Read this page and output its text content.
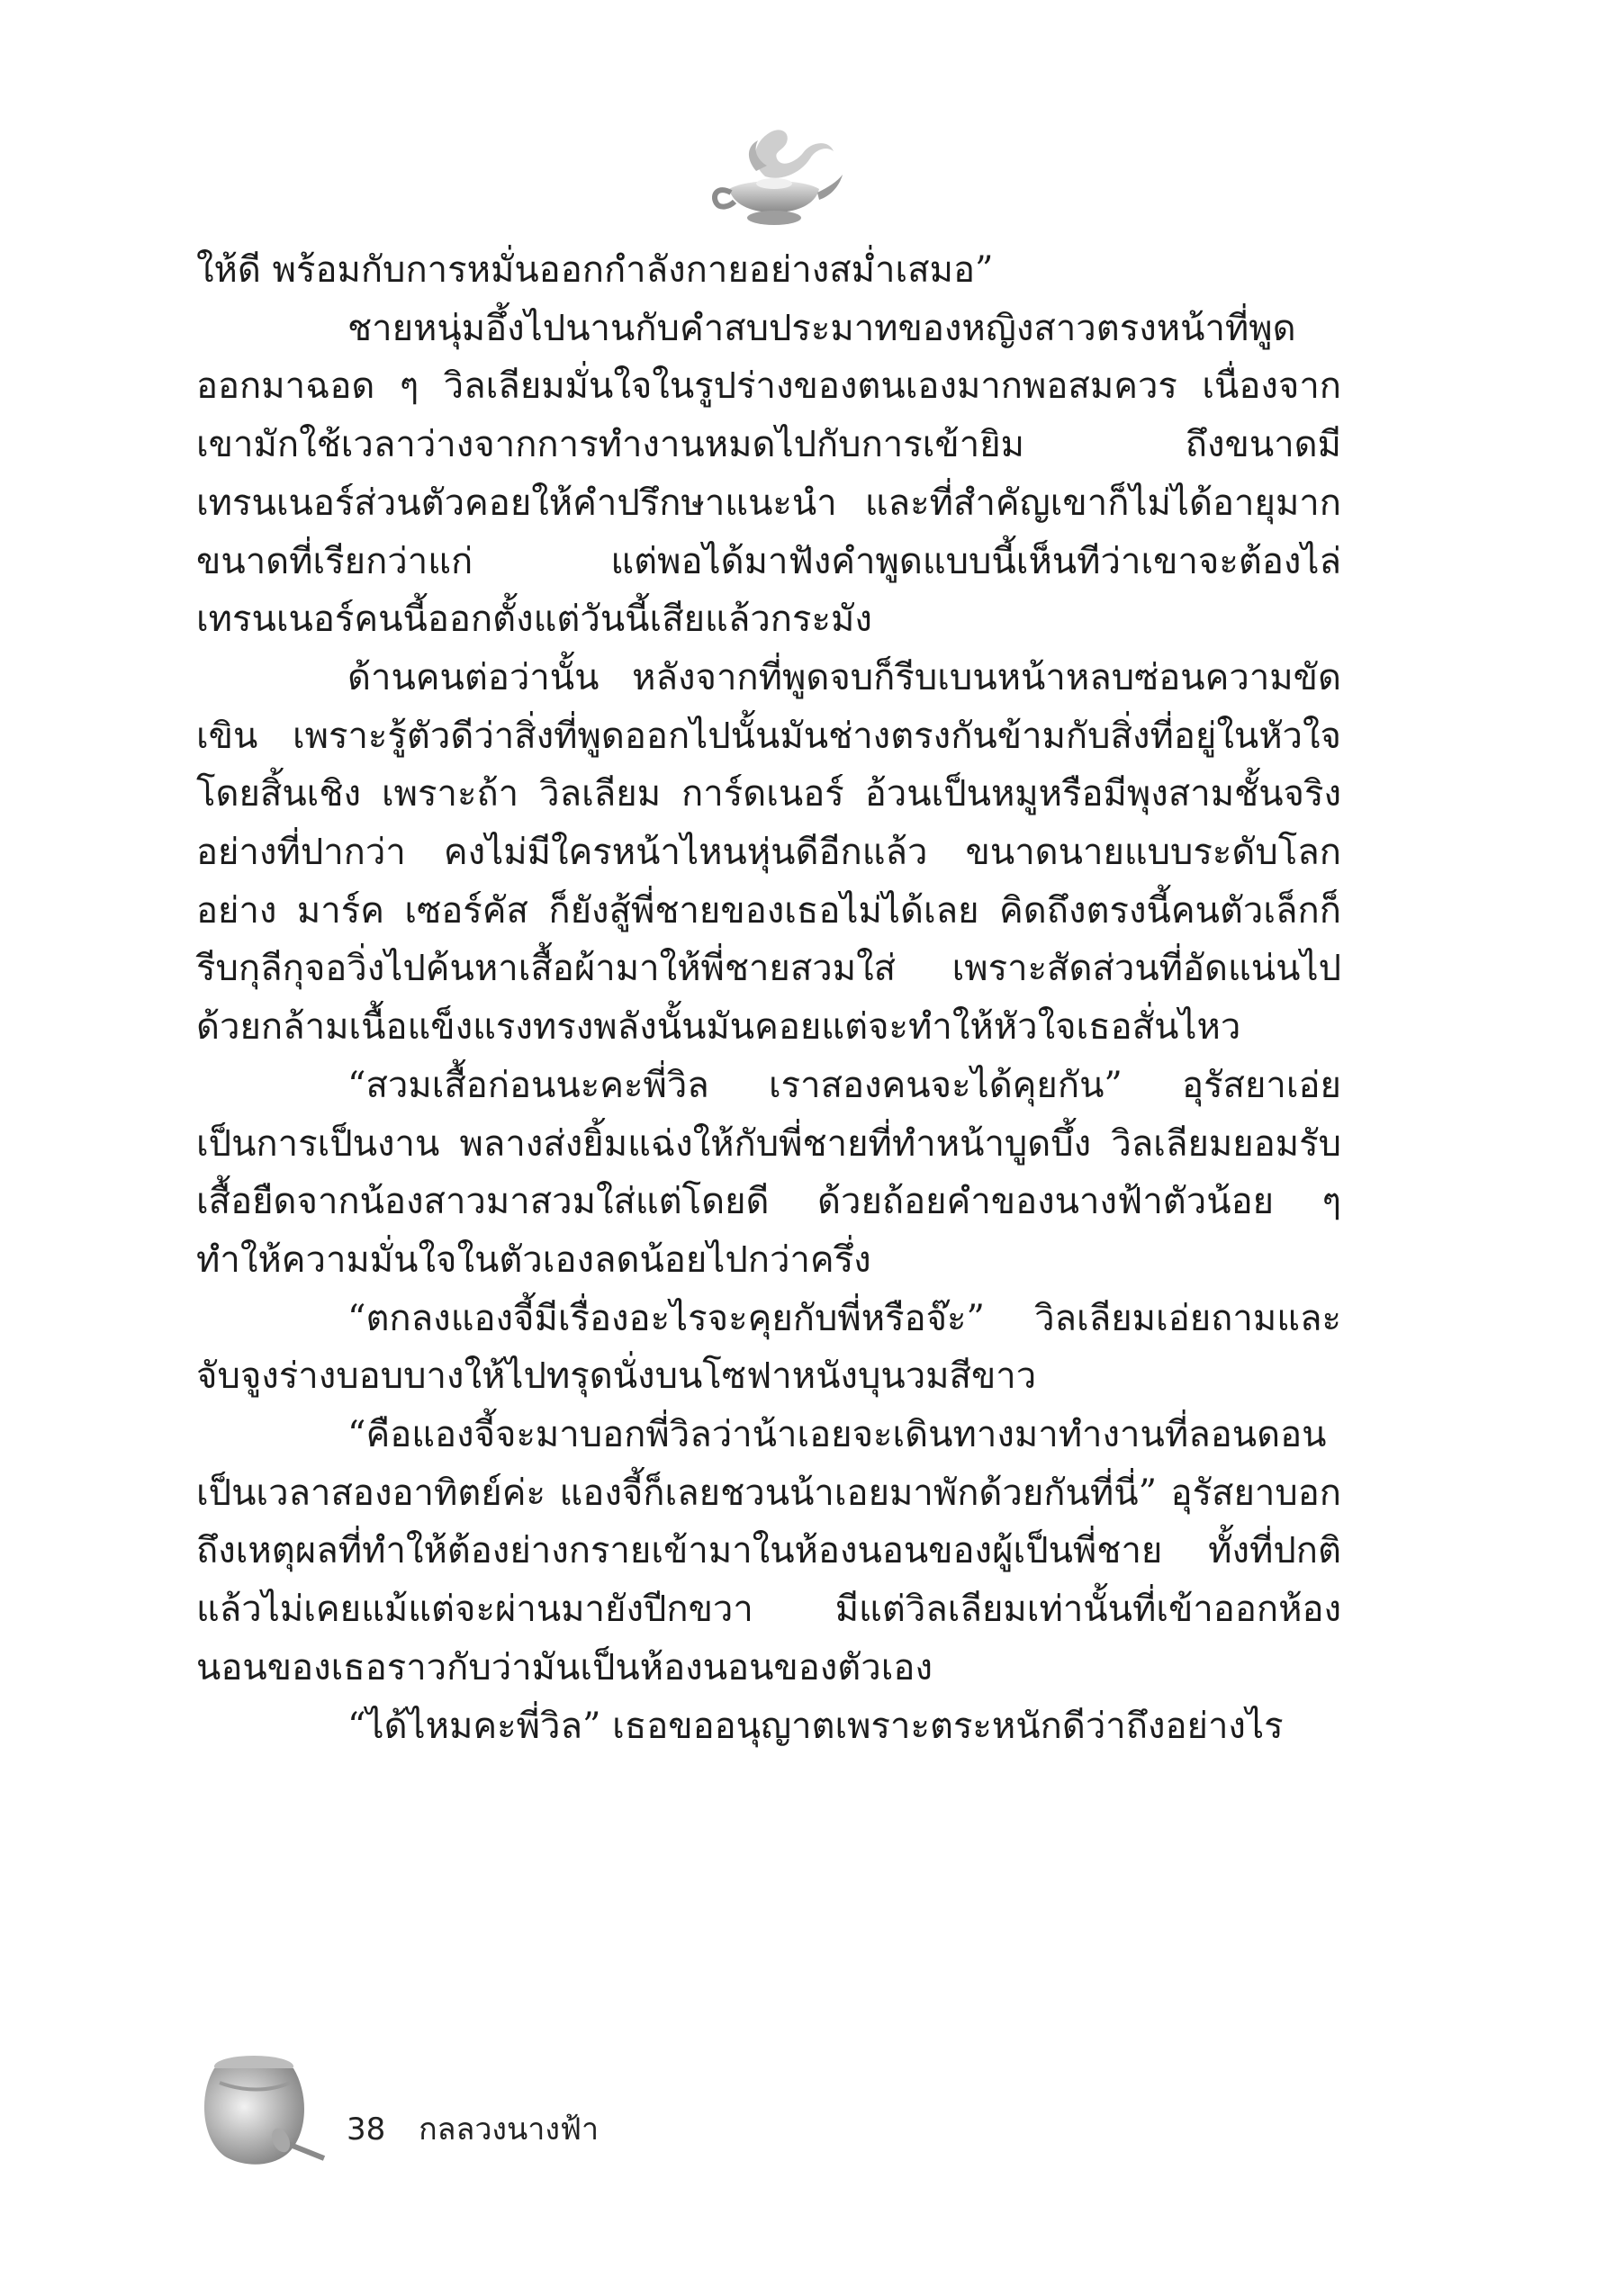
ให้ดี พร้อมกับการหมั่นออกกำลังกายอย่างสม่ำเสมอ”

ชายหนุ่มอึ้งไปนานกับคำสบประมาทของหญิงสาวตรงหน้าที่พูดออกมาฉอด ๆ วิลเลียมมั่นใจในรูปร่างของตนเองมากพอสมควร เนื่องจากเขามักใช้เวลาว่างจากการทำงานหมดไปกับการเข้ายิม ถึงขนาดมีเทรนเนอร์ส่วนตัวคอยให้คำปรึกษาแนะนำ และที่สำคัญเขาก็ไม่ได้อายุมากขนาดที่เรียกว่าแก่ แต่พอได้มาฟังคำพูดแบบนี้เห็นทีว่าเขาจะต้องไล่เทรนเนอร์คนนี้ออกตั้งแต่วันนี้เสียแล้วกระมัง

ด้านคนต่อว่านั้น หลังจากที่พูดจบก็รีบเบนหน้าหลบซ่อนความขัดเขิน เพราะรู้ตัวดีว่าสิ่งที่พูดออกไปนั้นมันช่างตรงกันข้ามกับสิ่งที่อยู่ในหัวใจโดยสิ้นเชิง เพราะถ้า วิลเลียม การ์ดเนอร์ อ้วนเป็นหมูหรือมีพุงสามชั้นจริงอย่างที่ปากว่า คงไม่มีใครหน้าไหนหุ่นดีอีกแล้ว ขนาดนายแบบระดับโลกอย่าง มาร์ค เซอร์คัส ก็ยังสู้พี่ชายของเธอไม่ได้เลย คิดถึงตรงนี้คนตัวเล็กก็รีบกุลีกุจอวิ่งไปค้นหาเสื้อผ้ามาให้พี่ชายสวมใส่ เพราะสัดส่วนที่อัดแน่นไปด้วยกล้ามเนื้อแข็งแรงทรงพลังนั้นมันคอยแต่จะทำให้หัวใจเธอสั่นไหว

“สวมเสื้อก่อนนะคะพี่วิล เราสองคนจะได้คุยกัน” อุรัสยาเอ่ยเป็นการเป็นงาน พลางส่งยิ้มแฉ่งให้กับพี่ชายที่ทำหน้าบูดบึ้ง วิลเลียมยอมรับเสื้อยืดจากน้องสาวมาสวมใส่แต่โดยดี ด้วยถ้อยคำของนางฟ้าตัวน้อย ๆ ทำให้ความมั่นใจในตัวเองลดน้อยไปกว่าครึ่ง

“ตกลงแองจี้มีเรื่องอะไรจะคุยกับพี่หรือจ๊ะ” วิลเลียมเอ่ยถามและจับจูงร่างบอบบางให้ไปทรุดนั่งบนโซฟาหนังบุนวมสีขาว

“คือแองจี้จะมาบอกพี่วิลว่าน้าเอยจะเดินทางมาทำงานที่ลอนดอนเป็นเวลาสองอาทิตย์ค่ะ แองจี้ก็เลยชวนน้าเอยมาพักด้วยกันที่นี่” อุรัสยาบอกถึงเหตุผลที่ทำให้ต้องย่างกรายเข้ามาในห้องนอนของผู้เป็นพี่ชาย ทั้งที่ปกติแล้วไม่เคยแม้แต่จะผ่านมายังปีกขวา มีแต่วิลเลียมเท่านั้นที่เข้าออกห้องนอนของเธอราวกับว่ามันเป็นห้องนอนของตัวเอง

“ได้ไหมคะพี่วิล” เธอขออนุญาตเพราะตระหนักดีว่าถึงอย่างไร

38 กลลวงนางฟ้า
